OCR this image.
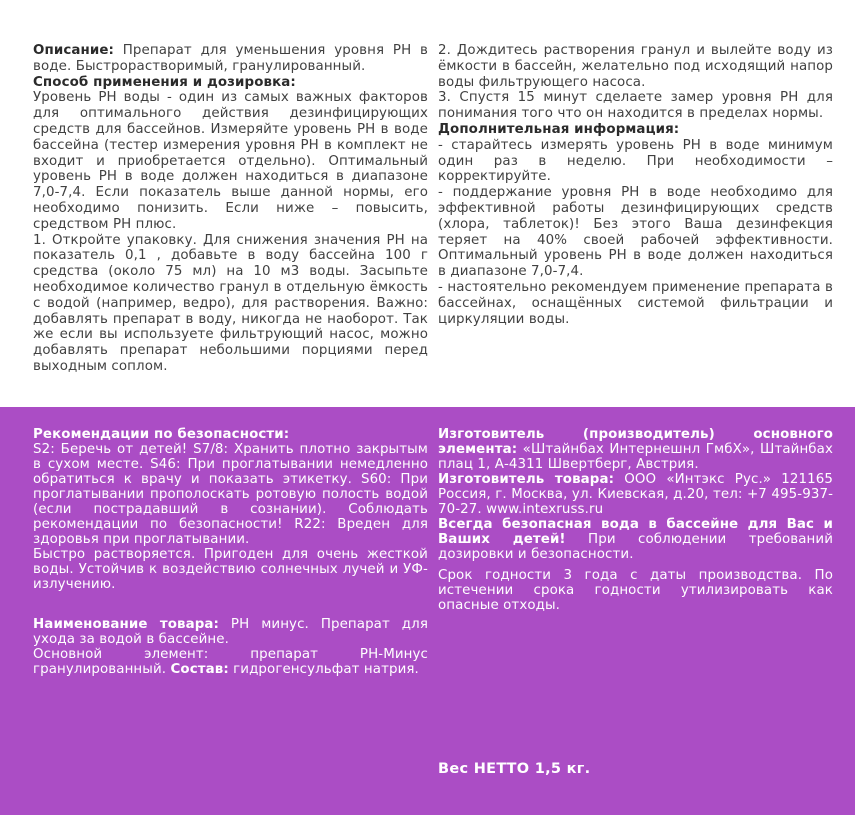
Описание: Препарат для уменьшения уровня PH в воде. Быстрорастворимый, гранулированный.

Способ применения и дозировка:

Уровень PH воды - один из самых важных факторов для оптимального действия дезинфицирующих средств для бассейнов. Измеряйте уровень PH в воде бассейна (тестер измерения уровня PH в комплект не входит и приобретается отдельно). Оптимальный уровень PH в воде должен находиться в диапазоне 7,0-7,4. Если показатель выше данной нормы, его необходимо понизить. Если ниже – повысить, средством PH плюс.

1. Откройте упаковку. Для снижения значения PH на показатель 0,1 , добавьте в воду бассейна 100 г средства (около 75 мл) на 10 м3 воды. Засыпьте необходимое количество гранул в отдельную ёмкость с водой (например, ведро), для растворения. Важно: добавлять препарат в воду, никогда не наоборот. Так же если вы используете фильтрующий насос, можно добавлять препарат небольшими порциями перед выходным соплом.

2. Дождитесь растворения гранул и вылейте воду из ёмкости в бассейн, желательно под исходящий напор воды фильтрующего насоса.

3. Спустя 15 минут сделаете замер уровня PH для понимания того что он находится в пределах нормы.

Дополнительная информация:

- старайтесь измерять уровень PH в воде минимум один раз в неделю. При необходимости – корректируйте.

- поддержание уровня PH в воде необходимо для эффективной работы дезинфицирующих средств (хлора, таблеток)! Без этого Ваша дезинфекция теряет на 40% своей рабочей эффективности. Оптимальный уровень PH в воде должен находиться в диапазоне 7,0-7,4.

- настоятельно рекомендуем применение препарата в бассейнах, оснащённых системой фильтрации и циркуляции воды.

Рекомендации по безопасности:

S2: Беречь от детей! S7/8: Хранить плотно закрытым в сухом месте. S46: При проглатывании немедленно обратиться к врачу и показать этикетку. S60: При проглатывании прополоскать ротовую полость водой (если пострадавший в сознании). Соблюдать рекомендации по безопасности! R22: Вреден для здоровья при проглатывании.

Быстро растворяется. Пригоден для очень жесткой воды. Устойчив к воздействию солнечных лучей и УФ-излучению.

Наименование товара: PH минус. Препарат для ухода за водой в бассейне.

Основной элемент: препарат PH-Минус гранулированный. Состав: гидрогенсульфат натрия.

Изготовитель (производитель) основного элемента: «Штайнбах Интернешнл ГмбХ», Штайнбах плац 1, А-4311 Швертберг, Австрия.

Изготовитель товара: ООО «Интэкс Рус.» 121165 Россия, г. Москва, ул. Киевская, д.20, тел: +7 495-937-70-27. www.intexruss.ru

Всегда безопасная вода в бассейне для Вас и Ваших детей! При соблюдении требований дозировки и безопасности.

Срок годности 3 года с даты производства. По истечении срока годности утилизировать как опасные отходы.

Вес НЕТТО 1,5 кг.
